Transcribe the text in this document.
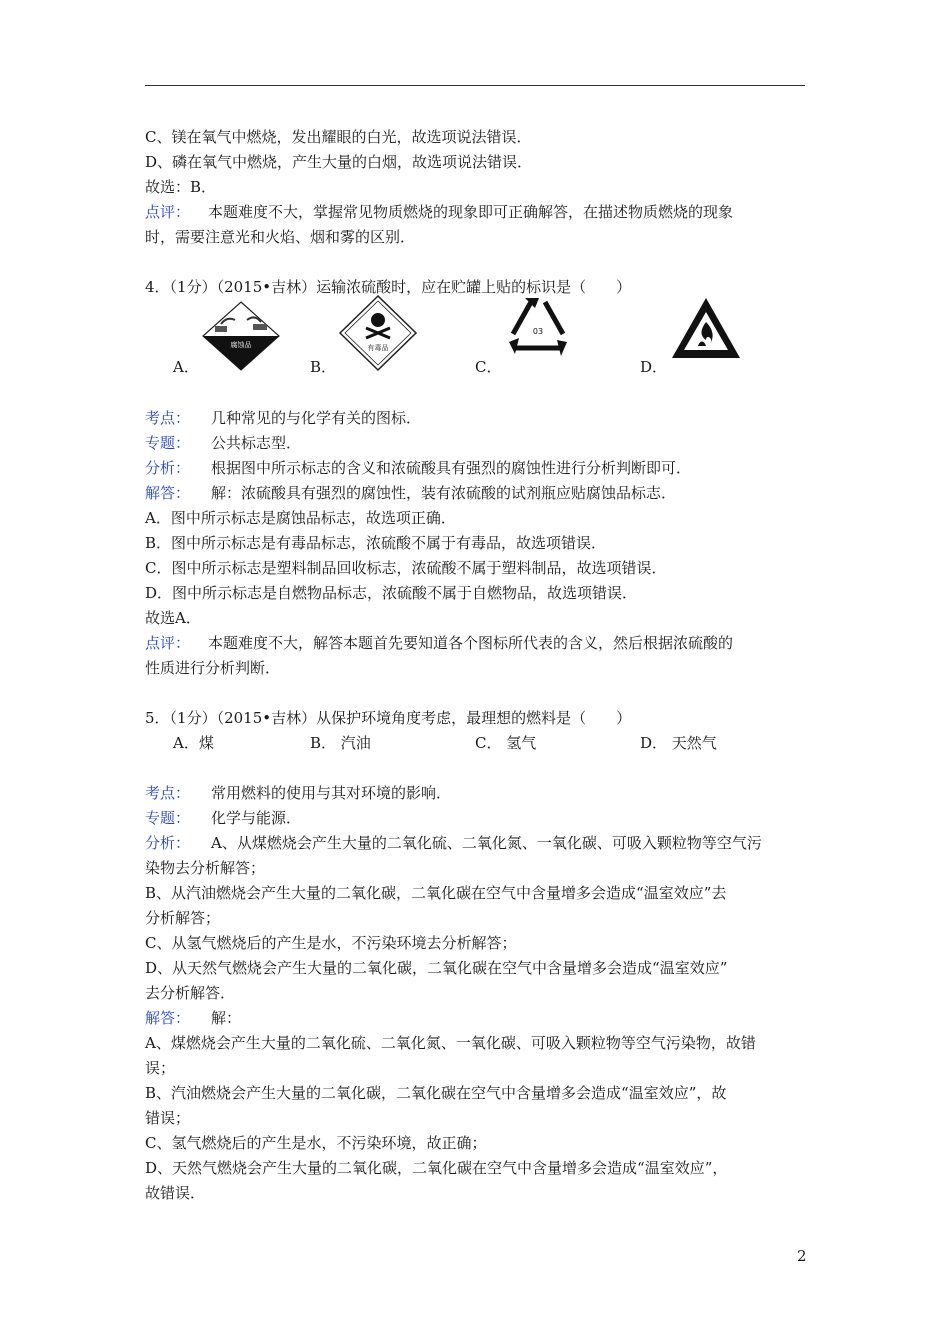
C、镁在氧气中燃烧，发出耀眼的白光，故选项说法错误．
D、磷在氧气中燃烧，产生大量的白烟，故选项说法错误．
故选：B．
点评： 本题难度不大，掌握常见物质燃烧的现象即可正确解答，在描述物质燃烧的现象
时，需要注意光和火焰、烟和雾的区别．
4．（1分）（2015•吉林）运输浓硫酸时，应在贮罐上贴的标识是（　　）
A．
腐蚀品
B．
有毒品
C．
03
D．
考点： 几种常见的与化学有关的图标．
专题： 公共标志型．
分析： 根据图中所示标志的含义和浓硫酸具有强烈的腐蚀性进行分析判断即可．
解答： 解：浓硫酸具有强烈的腐蚀性，装有浓硫酸的试剂瓶应贴腐蚀品标志．
A．图中所示标志是腐蚀品标志，故选项正确．
B．图中所示标志是有毒品标志，浓硫酸不属于有毒品，故选项错误．
C．图中所示标志是塑料制品回收标志，浓硫酸不属于塑料制品，故选项错误．
D．图中所示标志是自燃物品标志，浓硫酸不属于自燃物品，故选项错误．
故选A．
点评： 本题难度不大，解答本题首先要知道各个图标所代表的含义，然后根据浓硫酸的
性质进行分析判断．
5．（1分）（2015•吉林）从保护环境角度考虑，最理想的燃料是（　　）
A．煤	B． 汽油	C． 氢气	D． 天然气
考点： 常用燃料的使用与其对环境的影响．
专题： 化学与能源．
分析： A、从煤燃烧会产生大量的二氧化硫、二氧化氮、一氧化碳、可吸入颗粒物等空气污
染物去分析解答；
B、从汽油燃烧会产生大量的二氧化碳，二氧化碳在空气中含量增多会造成“温室效应”去
分析解答；
C、从氢气燃烧后的产生是水，不污染环境去分析解答；
D、从天然气燃烧会产生大量的二氧化碳，二氧化碳在空气中含量增多会造成“温室效应”
去分析解答．
解答： 解：
A、煤燃烧会产生大量的二氧化硫、二氧化氮、一氧化碳、可吸入颗粒物等空气污染物，故错
误；
B、汽油燃烧会产生大量的二氧化碳，二氧化碳在空气中含量增多会造成“温室效应”，故
错误；
C、氢气燃烧后的产生是水，不污染环境，故正确；
D、天然气燃烧会产生大量的二氧化碳，二氧化碳在空气中含量增多会造成“温室效应”，
故错误．
2
